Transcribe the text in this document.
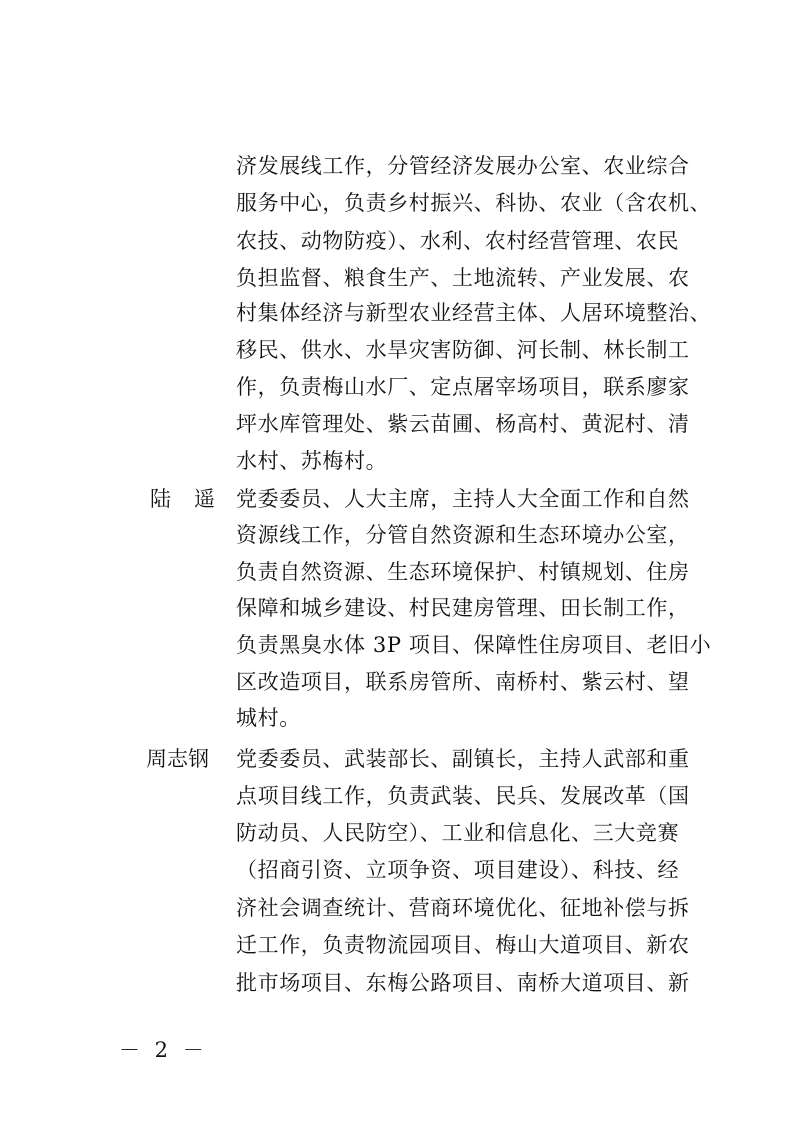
济发展线工作，分管经济发展办公室、农业综合
服务中心，负责乡村振兴、科协、农业（含农机、
农技、动物防疫）、水利、农村经营管理、农民
负担监督、粮食生产、土地流转、产业发展、农
村集体经济与新型农业经营主体、人居环境整治、
移民、供水、水旱灾害防御、河长制、林长制工
作，负责梅山水厂、定点屠宰场项目，联系廖家
坪水库管理处、紫云苗圃、杨高村、黄泥村、清
水村、苏梅村。
陆遥
党委委员、人大主席，主持人大全面工作和自然
资源线工作，分管自然资源和生态环境办公室，
负责自然资源、生态环境保护、村镇规划、住房
保障和城乡建设、村民建房管理、田长制工作，
负责黑臭水体 3P 项目、保障性住房项目、老旧小
区改造项目，联系房管所、南桥村、紫云村、望
城村。
周志钢 党委委员、武装部长、副镇长，主持人武部和重
点项目线工作，负责武装、民兵、发展改革（国
防动员、人民防空）、工业和信息化、三大竞赛
（招商引资、立项争资、项目建设）、科技、经
济社会调查统计、营商环境优化、征地补偿与拆
迁工作，负责物流园项目、梅山大道项目、新农
批市场项目、东梅公路项目、南桥大道项目、新
－ 2 －
